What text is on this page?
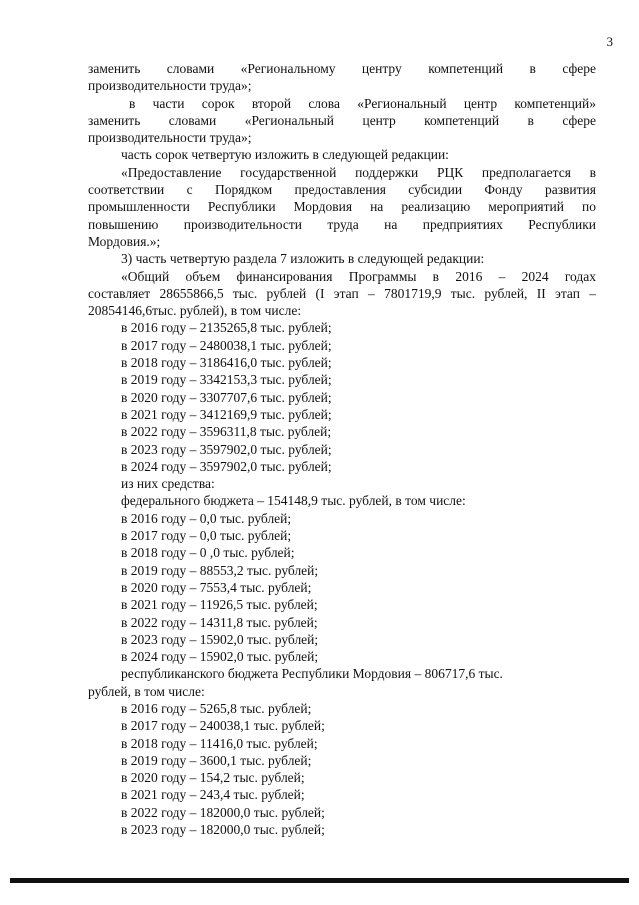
3
заменить словами «Региональному центру компетенций в сфере
производительности труда»;
в части сорок второй слова «Региональный центр компетенций»
заменить словами «Региональный центр компетенций в сфере
производительности труда»;
часть сорок четвертую изложить в следующей редакции:
«Предоставление государственной поддержки РЦК предполагается в
соответствии с Порядком предоставления субсидии Фонду развития
промышленности Республики Мордовия на реализацию мероприятий по
повышению производительности труда на предприятиях Республики
Мордовия.»;
3) часть четвертую раздела 7 изложить в следующей редакции:
«Общий объем финансирования Программы в 2016 – 2024 годах
составляет 28655866,5 тыс. рублей (I этап – 7801719,9 тыс. рублей, II этап –
20854146,6тыс. рублей), в том числе:
в 2016 году – 2135265,8 тыс. рублей;
в 2017 году – 2480038,1 тыс. рублей;
в 2018 году – 3186416,0 тыс. рублей;
в 2019 году – 3342153,3 тыс. рублей;
в 2020 году – 3307707,6 тыс. рублей;
в 2021 году – 3412169,9 тыс. рублей;
в 2022 году – 3596311,8 тыс. рублей;
в 2023 году – 3597902,0 тыс. рублей;
в 2024 году – 3597902,0 тыс. рублей;
из них средства:
федерального бюджета – 154148,9 тыс. рублей, в том числе:
в 2016 году – 0,0 тыс. рублей;
в 2017 году – 0,0 тыс. рублей;
в 2018 году – 0 ,0 тыс. рублей;
в 2019 году – 88553,2 тыс. рублей;
в 2020 году – 7553,4 тыс. рублей;
в 2021 году – 11926,5 тыс. рублей;
в 2022 году – 14311,8 тыс. рублей;
в 2023 году – 15902,0 тыс. рублей;
в 2024 году – 15902,0 тыс. рублей;
республиканского бюджета Республики Мордовия – 806717,6 тыс.
рублей, в том числе:
в 2016 году – 5265,8 тыс. рублей;
в 2017 году – 240038,1 тыс. рублей;
в 2018 году – 11416,0 тыс. рублей;
в 2019 году – 3600,1 тыс. рублей;
в 2020 году – 154,2 тыс. рублей;
в 2021 году – 243,4 тыс. рублей;
в 2022 году – 182000,0 тыс. рублей;
в 2023 году – 182000,0 тыс. рублей;
